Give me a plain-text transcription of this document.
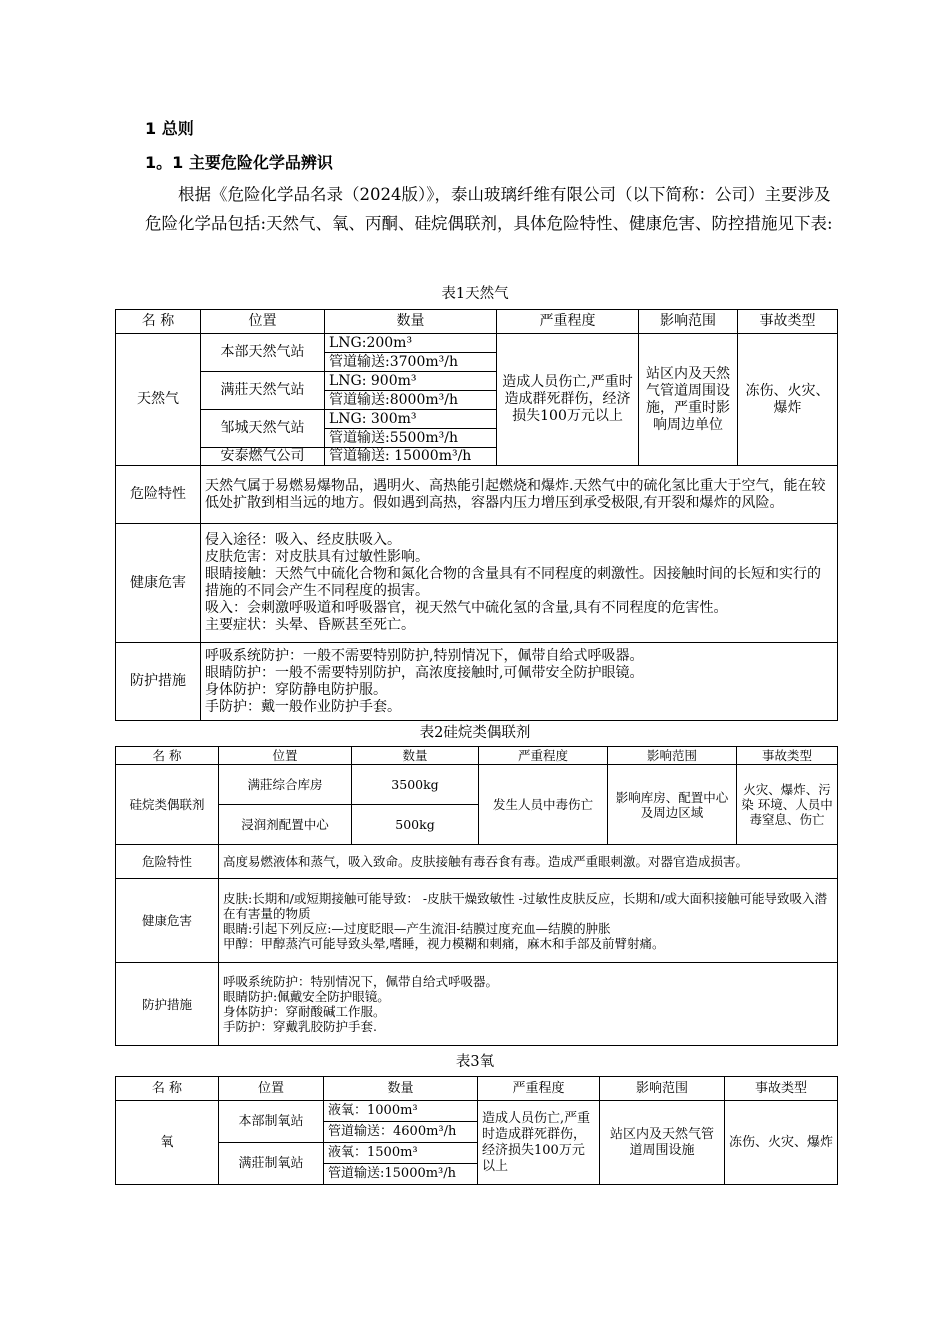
1 总则
1。1 主要危险化学品辨识
根据《危险化学品名录（2024版）》，泰山玻璃纤维有限公司（以下简称：公司）主要涉及危险化学品包括:天然气、氧、丙酮、硅烷偶联剂，具体危险特性、健康危害、防控措施见下表:
表1天然气
名 称	位置	数量	严重程度	影响范围	事故类型
天然气	本部天然气站	LNG:200m³	造成人员伤亡,严重时造成群死群伤，经济损失100万元以上	站区内及天然气管道周围设施，严重时影响周边单位	冻伤、火灾、爆炸
		管道输送:3700m³/h			
	满莊天然气站	LNG: 900m³			
		管道输送:8000m³/h			
	邹城天然气站	LNG: 300m³			
		管道输送:5500m³/h			
	安泰燃气公司	管道输送: 15000m³/h			
危险特性	天然气属于易燃易爆物品，遇明火、高热能引起燃烧和爆炸.天然气中的硫化氢比重大于空气，能在较低处扩散到相当远的地方。假如遇到高热，容器内压力增压到承受极限,有开裂和爆炸的风险。				
健康危害	侵入途径：吸入、经皮肤吸入。
皮肤危害：对皮肤具有过敏性影响。
眼睛接触：天然气中硫化合物和氮化合物的含量具有不同程度的刺激性。因接触时间的长短和实行的措施的不同会产生不同程度的损害。
吸入：会刺激呼吸道和呼吸器官，视天然气中硫化氢的含量,具有不同程度的危害性。
主要症状：头晕、昏厥甚至死亡。				

防护措施	呼吸系统防护：一般不需要特别防护,特别情况下，佩带自给式呼吸器。
眼睛防护：一般不需要特别防护，高浓度接触时,可佩带安全防护眼镜。
身体防护：穿防静电防护服。
手防护：戴一般作业防护手套。				
表2硅烷类偶联剂
名 称	位置	数量	严重程度	影响范围	事故类型
硅烷类偶联剂	满莊综合库房	3500kg	发生人员中毒伤亡	影响库房、配置中心及周边区域	火灾、爆炸、污染 环境、人员中毒窒息、伤亡
	浸润剂配置中心	500kg			
危险特性	高度易燃液体和蒸气，吸入致命。皮肤接触有毒吞食有毒。造成严重眼刺激。对器官造成损害。				
健康危害	皮肤:长期和/或短期接触可能导致： -皮肤干燥致敏性 -过敏性皮肤反应，长期和/或大面积接触可能导致吸入潜在有害量的物质
眼睛:引起下列反应:—过度眨眼—产生流泪-结膜过度充血—结膜的肿胀
甲醇：甲醇蒸汽可能导致头晕,嗜睡，视力模糊和刺痛，麻木和手部及前臂射痛。				

防护措施	呼吸系统防护：特别情况下，佩带自给式呼吸器。
眼睛防护:佩戴安全防护眼镜。
身体防护：穿耐酸碱工作服。
手防护：穿戴乳胶防护手套.				
表3氧
名 称	位置	数量	严重程度	影响范围	事故类型
氧	本部制氧站	液氧：1000m³	造成人员伤亡,严重时造成群死群伤，经济损失100万元以上	站区内及天然气管道周围设施	冻伤、火灾、爆炸
		管道输送：4600m³/h			
	满莊制氧站	液氧：1500m³			
		管道输送:15000m³/h			
